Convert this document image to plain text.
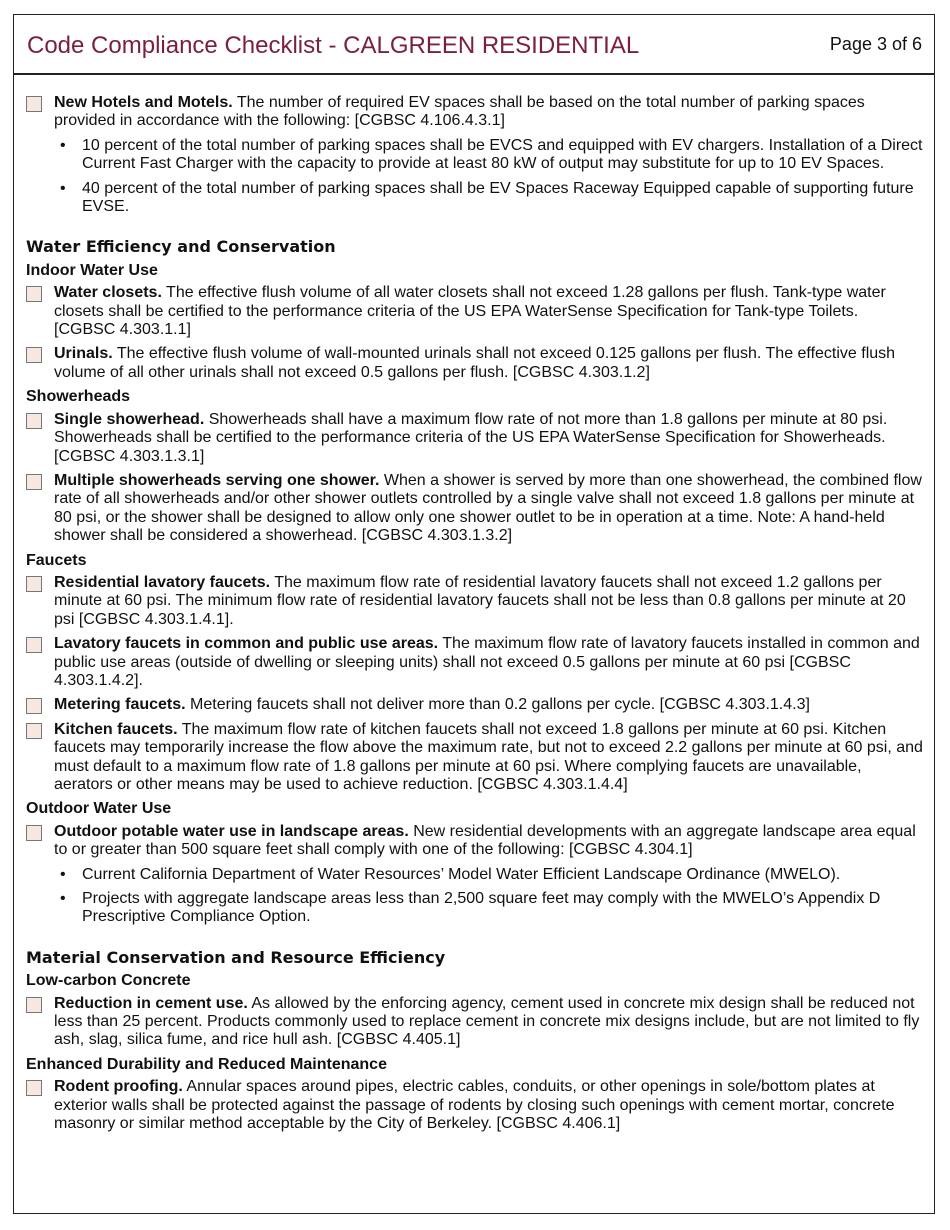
Code Compliance Checklist - CALGREEN RESIDENTIAL	Page 3 of 6
New Hotels and Motels. The number of required EV spaces shall be based on the total number of parking spaces provided in accordance with the following: [CGBSC 4.106.4.3.1]
• 10 percent of the total number of parking spaces shall be EVCS and equipped with EV chargers. Installation of a Direct Current Fast Charger with the capacity to provide at least 80 kW of output may substitute for up to 10 EV Spaces.
• 40 percent of the total number of parking spaces shall be EV Spaces Raceway Equipped capable of supporting future EVSE.
Water Efficiency and Conservation
Indoor Water Use
Water closets. The effective flush volume of all water closets shall not exceed 1.28 gallons per flush. Tank-type water closets shall be certified to the performance criteria of the US EPA WaterSense Specification for Tank-type Toilets. [CGBSC 4.303.1.1]
Urinals. The effective flush volume of wall-mounted urinals shall not exceed 0.125 gallons per flush. The effective flush volume of all other urinals shall not exceed 0.5 gallons per flush. [CGBSC 4.303.1.2]
Showerheads
Single showerhead. Showerheads shall have a maximum flow rate of not more than 1.8 gallons per minute at 80 psi. Showerheads shall be certified to the performance criteria of the US EPA WaterSense Specification for Showerheads. [CGBSC 4.303.1.3.1]
Multiple showerheads serving one shower. When a shower is served by more than one showerhead, the combined flow rate of all showerheads and/or other shower outlets controlled by a single valve shall not exceed 1.8 gallons per minute at 80 psi, or the shower shall be designed to allow only one shower outlet to be in operation at a time. Note: A hand-held shower shall be considered a showerhead. [CGBSC 4.303.1.3.2]
Faucets
Residential lavatory faucets. The maximum flow rate of residential lavatory faucets shall not exceed 1.2 gallons per minute at 60 psi. The minimum flow rate of residential lavatory faucets shall not be less than 0.8 gallons per minute at 20 psi [CGBSC 4.303.1.4.1].
Lavatory faucets in common and public use areas. The maximum flow rate of lavatory faucets installed in common and public use areas (outside of dwelling or sleeping units) shall not exceed 0.5 gallons per minute at 60 psi [CGBSC 4.303.1.4.2].
Metering faucets. Metering faucets shall not deliver more than 0.2 gallons per cycle. [CGBSC 4.303.1.4.3]
Kitchen faucets. The maximum flow rate of kitchen faucets shall not exceed 1.8 gallons per minute at 60 psi. Kitchen faucets may temporarily increase the flow above the maximum rate, but not to exceed 2.2 gallons per minute at 60 psi, and must default to a maximum flow rate of 1.8 gallons per minute at 60 psi. Where complying faucets are unavailable, aerators or other means may be used to achieve reduction. [CGBSC 4.303.1.4.4]
Outdoor Water Use
Outdoor potable water use in landscape areas. New residential developments with an aggregate landscape area equal to or greater than 500 square feet shall comply with one of the following: [CGBSC 4.304.1]
• Current California Department of Water Resources’ Model Water Efficient Landscape Ordinance (MWELO).
• Projects with aggregate landscape areas less than 2,500 square feet may comply with the MWELO’s Appendix D Prescriptive Compliance Option.
Material Conservation and Resource Efficiency
Low-carbon Concrete
Reduction in cement use. As allowed by the enforcing agency, cement used in concrete mix design shall be reduced not less than 25 percent. Products commonly used to replace cement in concrete mix designs include, but are not limited to fly ash, slag, silica fume, and rice hull ash. [CGBSC 4.405.1]
Enhanced Durability and Reduced Maintenance
Rodent proofing. Annular spaces around pipes, electric cables, conduits, or other openings in sole/bottom plates at exterior walls shall be protected against the passage of rodents by closing such openings with cement mortar, concrete masonry or similar method acceptable by the City of Berkeley. [CGBSC 4.406.1]
